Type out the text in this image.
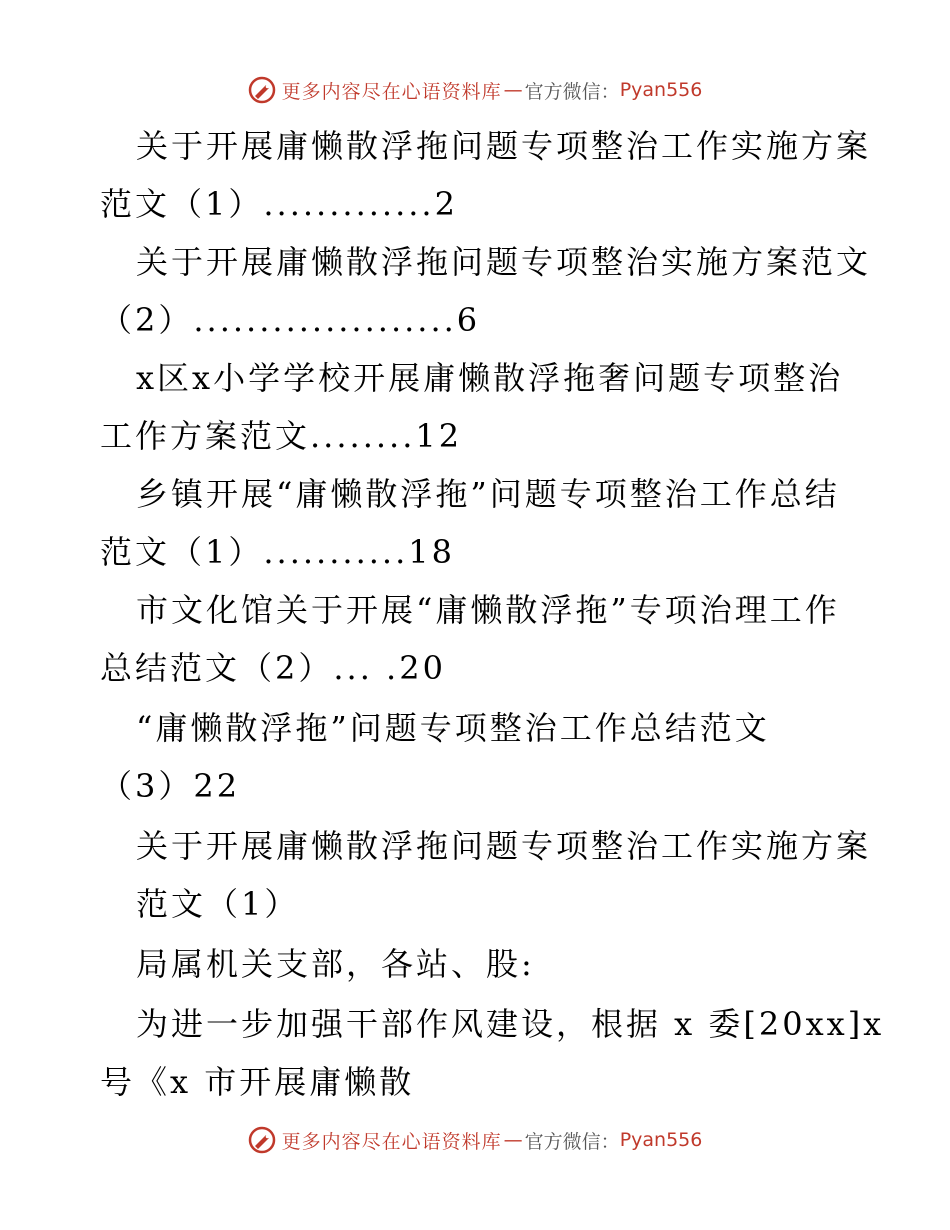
更多内容尽在心语资料库 — 官方微信： Pyan556
关于开展庸懒散浮拖问题专项整治工作实施方案
范文（1）.............2
关于开展庸懒散浮拖问题专项整治实施方案范文
（2）....................6
x区x小学学校开展庸懒散浮拖奢问题专项整治
工作方案范文........12
乡镇开展“庸懒散浮拖”问题专项整治工作总结
范文（1）...........18
市文化馆关于开展“庸懒散浮拖”专项治理工作
总结范文（2）... .20
“庸懒散浮拖”问题专项整治工作总结范文
（3）22
关于开展庸懒散浮拖问题专项整治工作实施方案
范文（1）
局属机关支部，各站、股:
为进一步加强干部作风建设，根据 x 委[20xx]x
号《x 市开展庸懒散
更多内容尽在心语资料库 — 官方微信： Pyan556
